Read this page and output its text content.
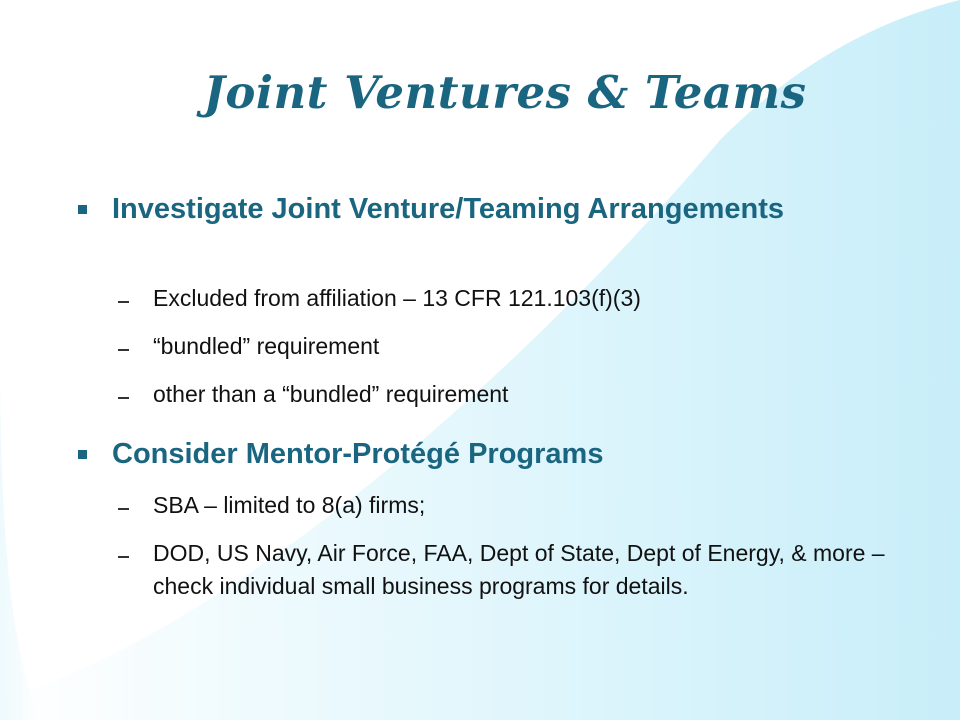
Joint Ventures & Teams
Investigate Joint Venture/Teaming Arrangements
Excluded from affiliation – 13 CFR 121.103(f)(3)
“bundled” requirement
other than a “bundled” requirement
Consider Mentor-Protégé Programs
SBA – limited to 8(a) firms;
DOD, US Navy, Air Force, FAA, Dept of State, Dept of Energy, & more – check individual small business programs for details.
